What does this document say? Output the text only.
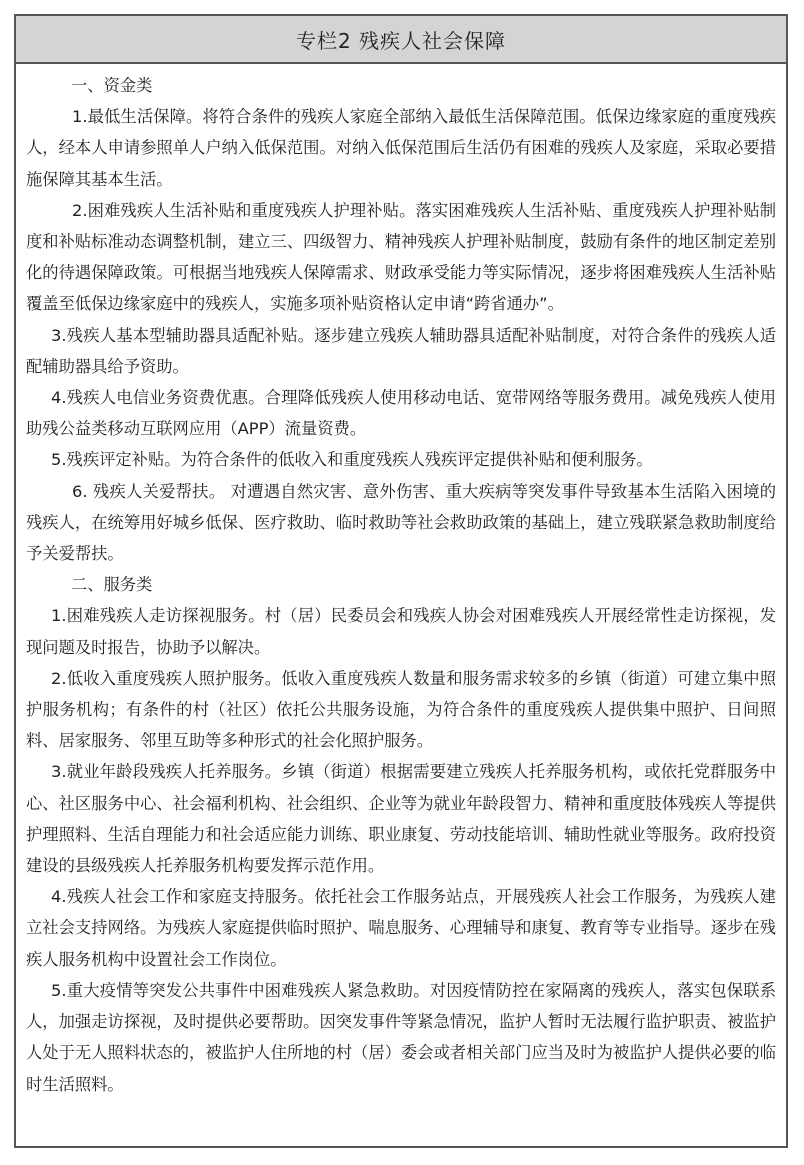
专栏2 残疾人社会保障

一、资金类

1.最低生活保障。将符合条件的残疾人家庭全部纳入最低生活保障范围。低保边缘家庭的重度残疾人，经本人申请参照单人户纳入低保范围。对纳入低保范围后生活仍有困难的残疾人及家庭，采取必要措施保障其基本生活。

2.困难残疾人生活补贴和重度残疾人护理补贴。落实困难残疾人生活补贴、重度残疾人护理补贴制度和补贴标准动态调整机制，建立三、四级智力、精神残疾人护理补贴制度，鼓励有条件的地区制定差别化的待遇保障政策。可根据当地残疾人保障需求、财政承受能力等实际情况，逐步将困难残疾人生活补贴覆盖至低保边缘家庭中的残疾人，实施多项补贴资格认定申请“跨省通办”。

3.残疾人基本型辅助器具适配补贴。逐步建立残疾人辅助器具适配补贴制度，对符合条件的残疾人适配辅助器具给予资助。

4.残疾人电信业务资费优惠。合理降低残疾人使用移动电话、宽带网络等服务费用。减免残疾人使用助残公益类移动互联网应用（APP）流量资费。

5.残疾评定补贴。为符合条件的低收入和重度残疾人残疾评定提供补贴和便利服务。

6. 残疾人关爱帮扶。 对遭遇自然灾害、意外伤害、重大疾病等突发事件导致基本生活陷入困境的残疾人，在统筹用好城乡低保、医疗救助、临时救助等社会救助政策的基础上，建立残联紧急救助制度给予关爱帮扶。

二、服务类

1.困难残疾人走访探视服务。村（居）民委员会和残疾人协会对困难残疾人开展经常性走访探视，发现问题及时报告，协助予以解决。

2.低收入重度残疾人照护服务。低收入重度残疾人数量和服务需求较多的乡镇（街道）可建立集中照护服务机构；有条件的村（社区）依托公共服务设施，为符合条件的重度残疾人提供集中照护、日间照料、居家服务、邻里互助等多种形式的社会化照护服务。

3.就业年龄段残疾人托养服务。乡镇（街道）根据需要建立残疾人托养服务机构，或依托党群服务中心、社区服务中心、社会福利机构、社会组织、企业等为就业年龄段智力、精神和重度肢体残疾人等提供护理照料、生活自理能力和社会适应能力训练、职业康复、劳动技能培训、辅助性就业等服务。政府投资建设的县级残疾人托养服务机构要发挥示范作用。

4.残疾人社会工作和家庭支持服务。依托社会工作服务站点，开展残疾人社会工作服务，为残疾人建立社会支持网络。为残疾人家庭提供临时照护、喘息服务、心理辅导和康复、教育等专业指导。逐步在残疾人服务机构中设置社会工作岗位。

5.重大疫情等突发公共事件中困难残疾人紧急救助。对因疫情防控在家隔离的残疾人，落实包保联系人，加强走访探视，及时提供必要帮助。因突发事件等紧急情况，监护人暂时无法履行监护职责、被监护人处于无人照料状态的，被监护人住所地的村（居）委会或者相关部门应当及时为被监护人提供必要的临时生活照料。
